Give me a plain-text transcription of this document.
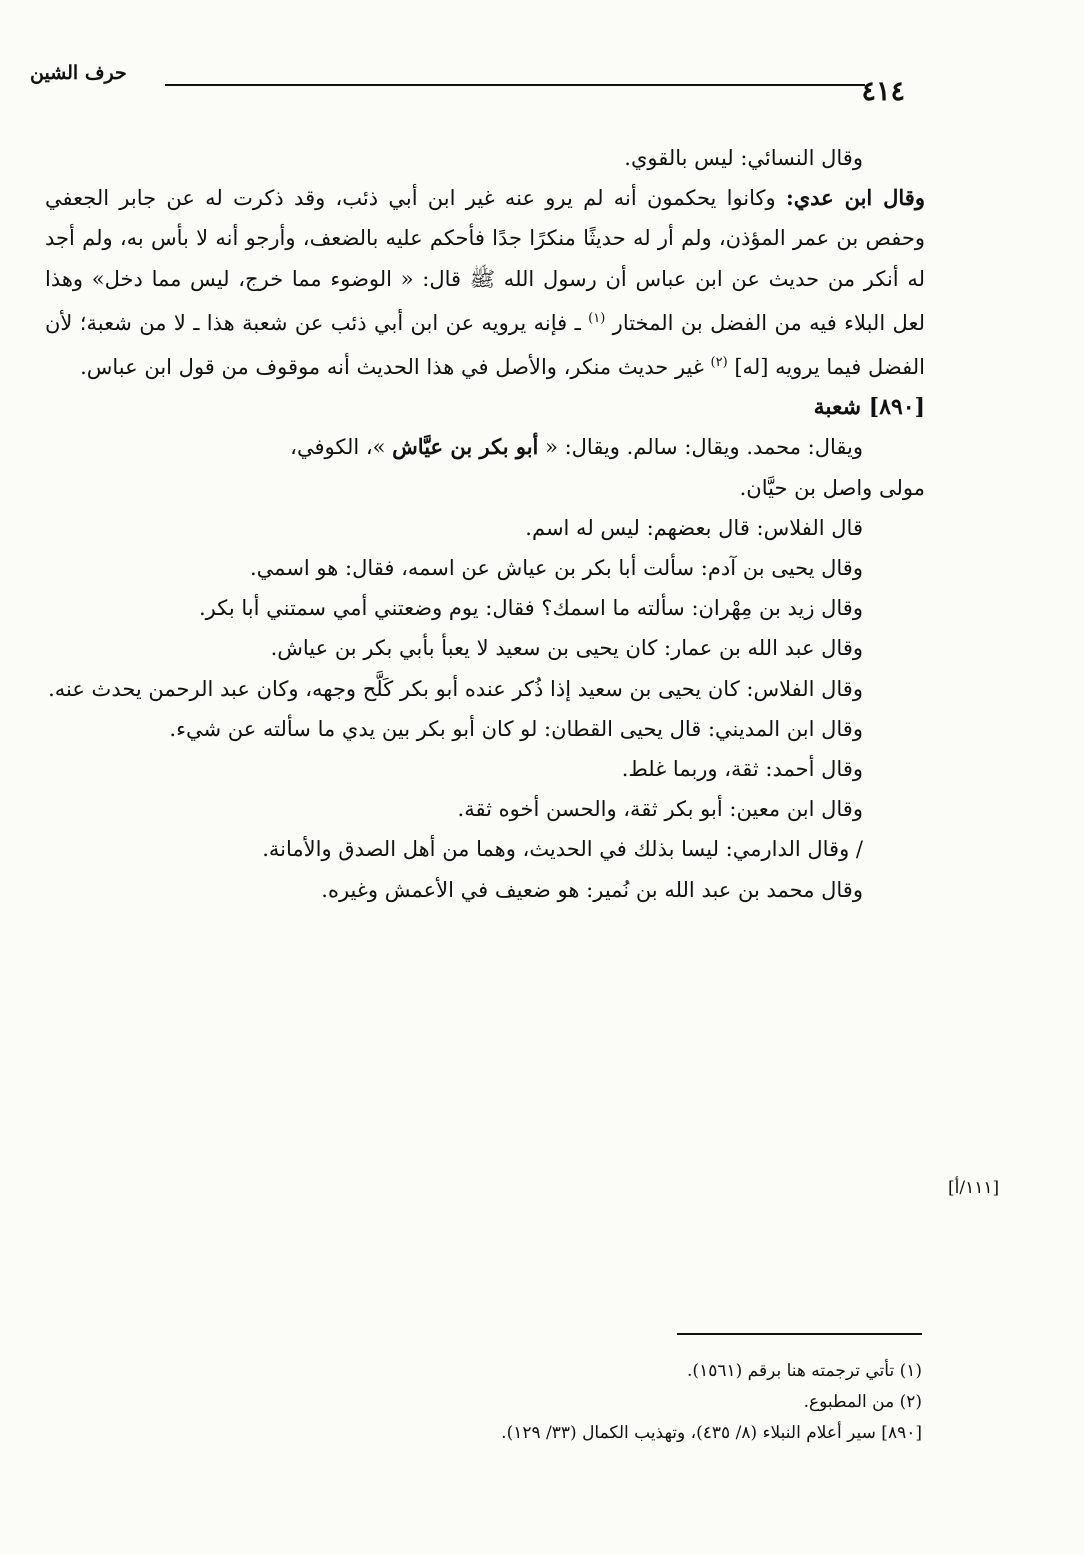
حرف الشين
٤١٤

وقال النسائي: ليس بالقوي.

وقال ابن عدي: وكانوا يحكمون أنه لم يرو عنه غير ابن أبي ذئب، وقد ذكرت له عن جابر الجعفي وحفص بن عمر المؤذن، ولم أر له حديثًا منكرًا جدًا فأحكم عليه بالضعف، وأرجو أنه لا بأس به، ولم أجد له أنكر من حديث عن ابن عباس أن رسول الله ﷺ قال: « الوضوء مما خرج، ليس مما دخل» وهذا لعل البلاء فيه من الفضل بن المختار $^{(١)}$ ـ فإنه يرويه عن ابن أبي ذئب عن شعبة هذا ـ لا من شعبة؛ لأن الفضل فيما يرويه [له] $^{(٢)}$ غير حديث منكر، والأصل في هذا الحديث أنه موقوف من قول ابن عباس.

[٨٩٠] شعبة

ويقال: محمد. ويقال: سالم. ويقال: « أبو بكر بن عيَّاش »، الكوفي،

مولى واصل بن حيَّان.

قال الفلاس: قال بعضهم: ليس له اسم.

وقال يحيى بن آدم: سألت أبا بكر بن عياش عن اسمه، فقال: هو اسمي.

وقال زيد بن مِهْران: سألته ما اسمك؟ فقال: يوم وضعتني أمي سمتني أبا بكر.

وقال عبد الله بن عمار: كان يحيى بن سعيد لا يعبأ بأبي بكر بن عياش.

وقال الفلاس: كان يحيى بن سعيد إذا ذُكر عنده أبو بكر كَلَّح وجهه، وكان عبد الرحمن يحدث عنه.

وقال ابن المديني: قال يحيى القطان: لو كان أبو بكر بين يدي ما سألته عن شيء.

وقال أحمد: ثقة، وربما غلط.

وقال ابن معين: أبو بكر ثقة، والحسن أخوه ثقة.

/ وقال الدارمي: ليسا بذلك في الحديث، وهما من أهل الصدق والأمانة.

وقال محمد بن عبد الله بن نُمير: هو ضعيف في الأعمش وغيره.

[١١١/أ]

(١) تأتي ترجمته هنا برقم (١٥٦١).

(٢) من المطبوع.

[٨٩٠] سير أعلام النبلاء (٨/ ٤٣٥)، وتهذيب الكمال (٣٣/ ١٢٩).
